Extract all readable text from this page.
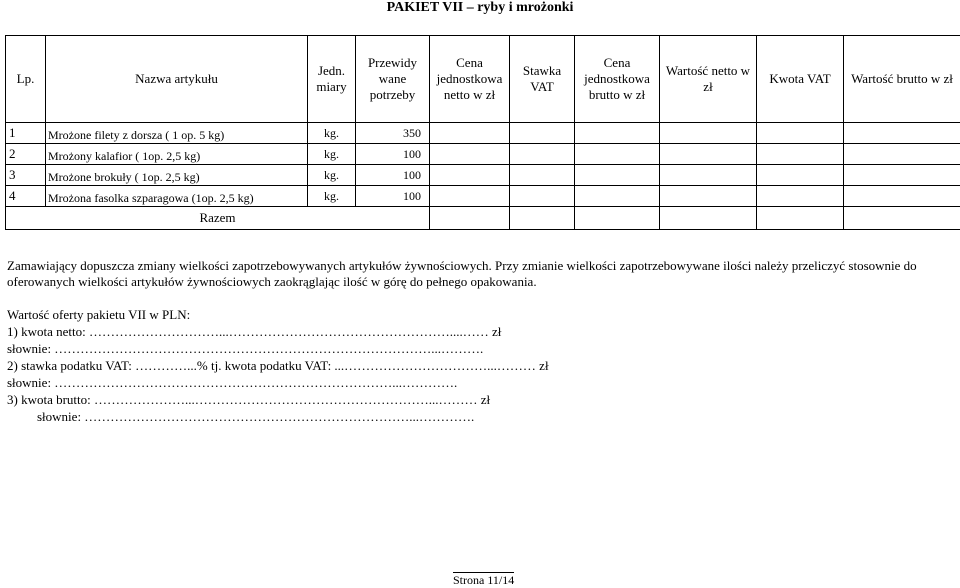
PAKIET VII – ryby i mrożonki
Lp.	Nazwa artykułu	Jedn. miary	Przewidy wane potrzeby	Cena jednostkowa netto w zł	Stawka VAT	Cena jednostkowa brutto w zł	Wartość netto w zł	Kwota VAT	Wartość brutto w zł
1	Mrożone filety z dorsza ( 1 op. 5 kg)	kg.	350						
2	Mrożony kalafior ( 1op. 2,5 kg)	kg.	100						
3	Mrożone brokuły ( 1op. 2,5 kg)	kg.	100						
4	Mrożona fasolka szparagowa (1op. 2,5 kg)	kg.	100						
Razem									
Zamawiający dopuszcza zmiany wielkości zapotrzebowywanych artykułów żywnościowych. Przy zmianie wielkości zapotrzebowywane ilości należy przeliczyć stosownie do oferowanych wielkości artykułów żywnościowych zaokrąglając ilość w górę do pełnego opakowania.
Wartość oferty pakietu VII w PLN:
1) kwota netto: …………………………...……………………………………………....…… zł
słownie: ……………………………………………………………………………...……….
2) stawka podatku VAT: …………...% tj. kwota podatku VAT: ...……………………………...……… zł
słownie: ……………………………………………………………………...………….
3) kwota brutto: …………………...………………………………………………...……… zł
słownie: …………………………………………………………………...………….
Strona 11/14
